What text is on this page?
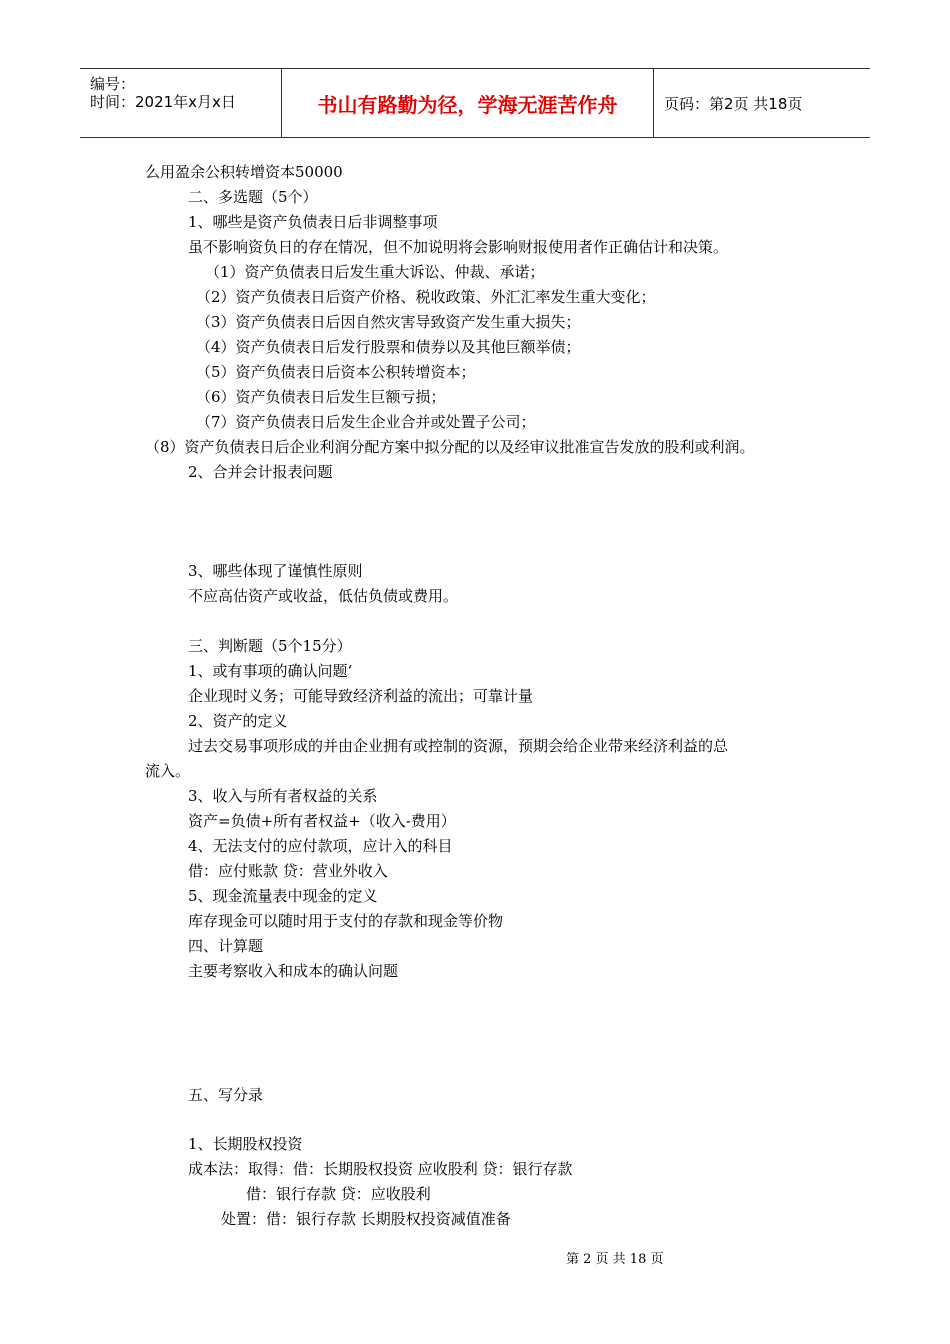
编号：
时间：2021年x月x日	书山有路勤为径，学海无涯苦作舟	页码：第2页 共18页
么用盈余公积转增资本50000
二、多选题（5个）
1、哪些是资产负债表日后非调整事项
虽不影响资负日的存在情况，但不加说明将会影响财报使用者作正确估计和决策。
（1）资产负债表日后发生重大诉讼、仲裁、承诺；
（2）资产负债表日后资产价格、税收政策、外汇汇率发生重大变化；
（3）资产负债表日后因自然灾害导致资产发生重大损失；
（4）资产负债表日后发行股票和债券以及其他巨额举债；
（5）资产负债表日后资本公积转增资本；
（6）资产负债表日后发生巨额亏损；
（7）资产负债表日后发生企业合并或处置子公司；
（8）资产负债表日后企业利润分配方案中拟分配的以及经审议批准宣告发放的股利或利润。
2、合并会计报表问题
3、哪些体现了谨慎性原则
不应高估资产或收益，低估负债或费用。
三、判断题（5个15分）
1、或有事项的确认问题‘
企业现时义务；可能导致经济利益的流出；可靠计量
2、资产的定义
过去交易事项形成的并由企业拥有或控制的资源，预期会给企业带来经济利益的总
流入。
3、收入与所有者权益的关系
资产=负债+所有者权益+（收入-费用）
4、无法支付的应付款项，应计入的科目
借：应付账款 贷：营业外收入
5、现金流量表中现金的定义
库存现金可以随时用于支付的存款和现金等价物
四、计算题
主要考察收入和成本的确认问题
五、写分录
1、长期股权投资
成本法：取得：借：长期股权投资 应收股利 贷：银行存款
借：银行存款 贷：应收股利
处置：借：银行存款 长期股权投资减值准备
第 2 页 共 18 页
